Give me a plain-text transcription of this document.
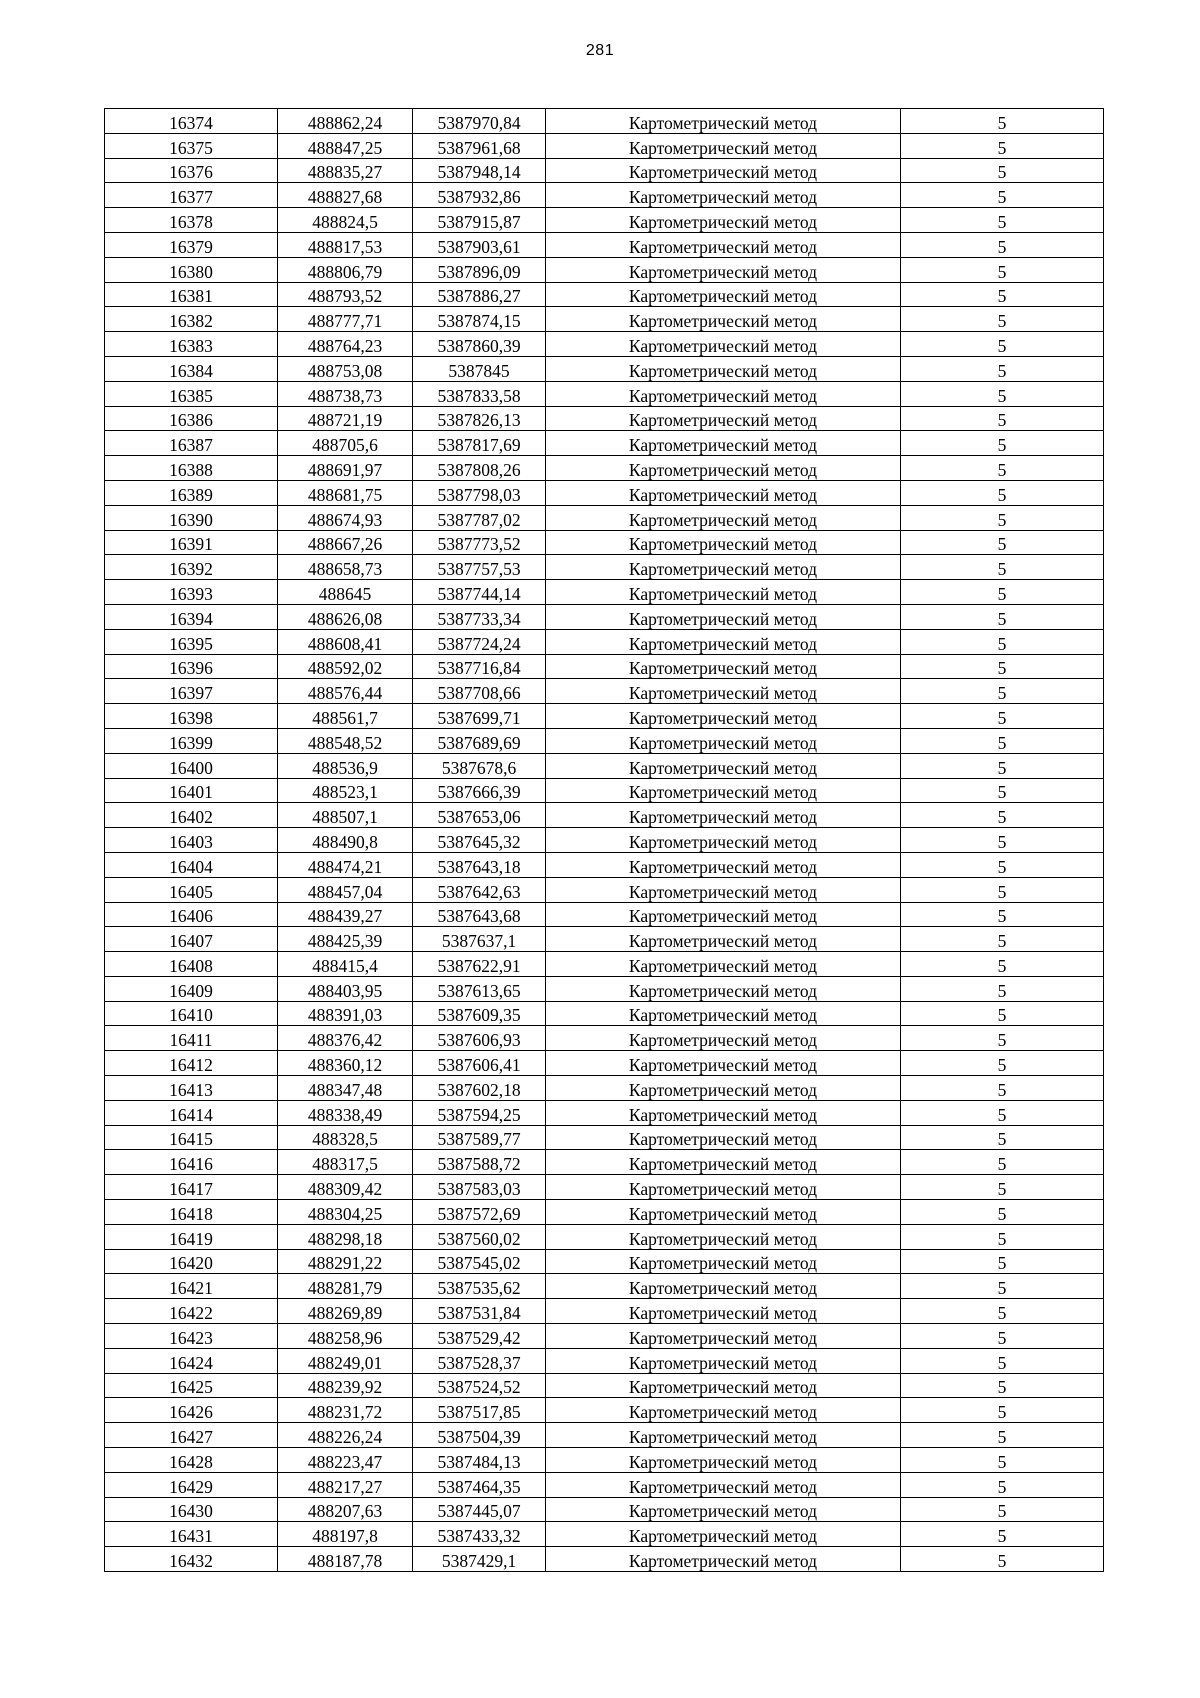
281
16374	488862,24	5387970,84	Картометрический метод	5
16375	488847,25	5387961,68	Картометрический метод	5
16376	488835,27	5387948,14	Картометрический метод	5
16377	488827,68	5387932,86	Картометрический метод	5
16378	488824,5	5387915,87	Картометрический метод	5
16379	488817,53	5387903,61	Картометрический метод	5
16380	488806,79	5387896,09	Картометрический метод	5
16381	488793,52	5387886,27	Картометрический метод	5
16382	488777,71	5387874,15	Картометрический метод	5
16383	488764,23	5387860,39	Картометрический метод	5
16384	488753,08	5387845	Картометрический метод	5
16385	488738,73	5387833,58	Картометрический метод	5
16386	488721,19	5387826,13	Картометрический метод	5
16387	488705,6	5387817,69	Картометрический метод	5
16388	488691,97	5387808,26	Картометрический метод	5
16389	488681,75	5387798,03	Картометрический метод	5
16390	488674,93	5387787,02	Картометрический метод	5
16391	488667,26	5387773,52	Картометрический метод	5
16392	488658,73	5387757,53	Картометрический метод	5
16393	488645	5387744,14	Картометрический метод	5
16394	488626,08	5387733,34	Картометрический метод	5
16395	488608,41	5387724,24	Картометрический метод	5
16396	488592,02	5387716,84	Картометрический метод	5
16397	488576,44	5387708,66	Картометрический метод	5
16398	488561,7	5387699,71	Картометрический метод	5
16399	488548,52	5387689,69	Картометрический метод	5
16400	488536,9	5387678,6	Картометрический метод	5
16401	488523,1	5387666,39	Картометрический метод	5
16402	488507,1	5387653,06	Картометрический метод	5
16403	488490,8	5387645,32	Картометрический метод	5
16404	488474,21	5387643,18	Картометрический метод	5
16405	488457,04	5387642,63	Картометрический метод	5
16406	488439,27	5387643,68	Картометрический метод	5
16407	488425,39	5387637,1	Картометрический метод	5
16408	488415,4	5387622,91	Картометрический метод	5
16409	488403,95	5387613,65	Картометрический метод	5
16410	488391,03	5387609,35	Картометрический метод	5
16411	488376,42	5387606,93	Картометрический метод	5
16412	488360,12	5387606,41	Картометрический метод	5
16413	488347,48	5387602,18	Картометрический метод	5
16414	488338,49	5387594,25	Картометрический метод	5
16415	488328,5	5387589,77	Картометрический метод	5
16416	488317,5	5387588,72	Картометрический метод	5
16417	488309,42	5387583,03	Картометрический метод	5
16418	488304,25	5387572,69	Картометрический метод	5
16419	488298,18	5387560,02	Картометрический метод	5
16420	488291,22	5387545,02	Картометрический метод	5
16421	488281,79	5387535,62	Картометрический метод	5
16422	488269,89	5387531,84	Картометрический метод	5
16423	488258,96	5387529,42	Картометрический метод	5
16424	488249,01	5387528,37	Картометрический метод	5
16425	488239,92	5387524,52	Картометрический метод	5
16426	488231,72	5387517,85	Картометрический метод	5
16427	488226,24	5387504,39	Картометрический метод	5
16428	488223,47	5387484,13	Картометрический метод	5
16429	488217,27	5387464,35	Картометрический метод	5
16430	488207,63	5387445,07	Картометрический метод	5
16431	488197,8	5387433,32	Картометрический метод	5
16432	488187,78	5387429,1	Картометрический метод	5
